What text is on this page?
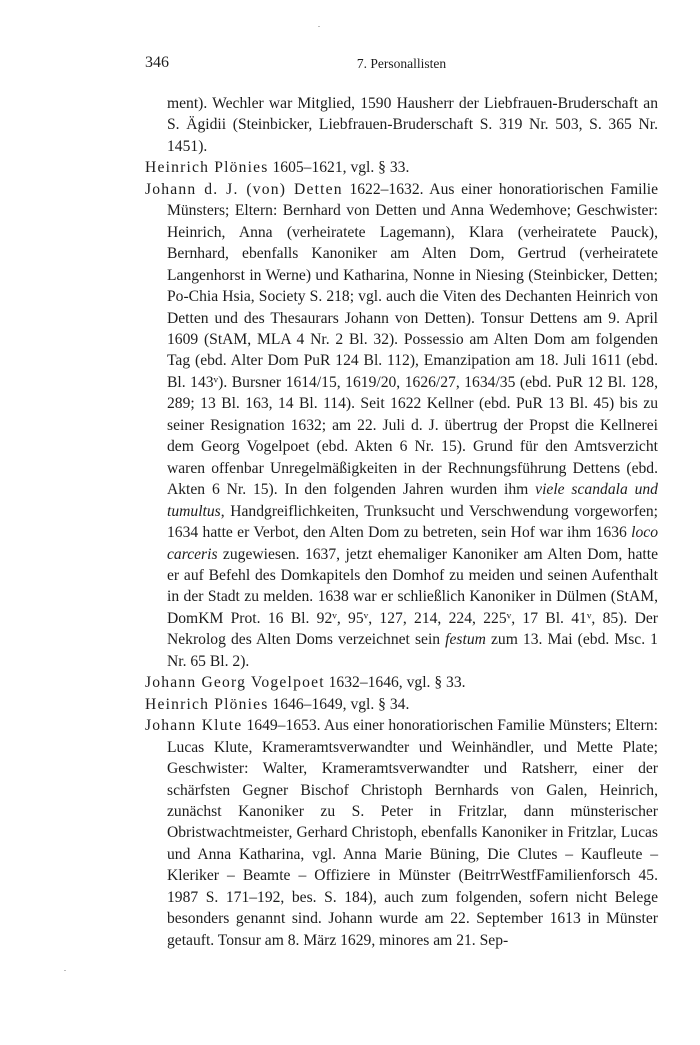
346	7. Personallisten

ment). Wechler war Mitglied, 1590 Hausherr der Liebfrauen-Bruderschaft an S. Ägidii (Steinbicker, Liebfrauen-Bruderschaft S. 319 Nr. 503, S. 365 Nr. 1451).

Heinrich Plönies 1605–1621, vgl. § 33.

Johann d. J. (von) Detten 1622–1632. Aus einer honoratiorischen Familie Münsters; Eltern: Bernhard von Detten und Anna Wedemhove; Geschwister: Heinrich, Anna (verheiratete Lagemann), Klara (verheiratete Pauck), Bernhard, ebenfalls Kanoniker am Alten Dom, Gertrud (verheiratete Langenhorst in Werne) und Katharina, Nonne in Niesing (Steinbicker, Detten; Po-Chia Hsia, Society S. 218; vgl. auch die Viten des Dechanten Heinrich von Detten und des Thesaurars Johann von Detten). Tonsur Dettens am 9. April 1609 (StAM, MLA 4 Nr. 2 Bl. 32). Possessio am Alten Dom am folgenden Tag (ebd. Alter Dom PuR 124 Bl. 112), Emanzipation am 18. Juli 1611 (ebd. Bl. 143ᵛ). Bursner 1614/15, 1619/20, 1626/27, 1634/35 (ebd. PuR 12 Bl. 128, 289; 13 Bl. 163, 14 Bl. 114). Seit 1622 Kellner (ebd. PuR 13 Bl. 45) bis zu seiner Resignation 1632; am 22. Juli d. J. übertrug der Propst die Kellnerei dem Georg Vogelpoet (ebd. Akten 6 Nr. 15). Grund für den Amtsverzicht waren offenbar Unregelmäßigkeiten in der Rechnungsführung Dettens (ebd. Akten 6 Nr. 15). In den folgenden Jahren wurden ihm viele scandala und tumultus, Handgreiflichkeiten, Trunksucht und Verschwendung vorgeworfen; 1634 hatte er Verbot, den Alten Dom zu betreten, sein Hof war ihm 1636 loco carceris zugewiesen. 1637, jetzt ehemaliger Kanoniker am Alten Dom, hatte er auf Befehl des Domkapitels den Domhof zu meiden und seinen Aufenthalt in der Stadt zu melden. 1638 war er schließlich Kanoniker in Dülmen (StAM, DomKM Prot. 16 Bl. 92ᵛ, 95ᵛ, 127, 214, 224, 225ᵛ, 17 Bl. 41ᵛ, 85). Der Nekrolog des Alten Doms verzeichnet sein festum zum 13. Mai (ebd. Msc. 1 Nr. 65 Bl. 2).

Johann Georg Vogelpoet 1632–1646, vgl. § 33.

Heinrich Plönies 1646–1649, vgl. § 34.

Johann Klute 1649–1653. Aus einer honoratiorischen Familie Münsters; Eltern: Lucas Klute, Krameramtsverwandter und Weinhändler, und Mette Plate; Geschwister: Walter, Krameramtsverwandter und Ratsherr, einer der schärfsten Gegner Bischof Christoph Bernhards von Galen, Heinrich, zunächst Kanoniker zu S. Peter in Fritzlar, dann münsterischer Obristwachtmeister, Gerhard Christoph, ebenfalls Kanoniker in Fritzlar, Lucas und Anna Katharina, vgl. Anna Marie Büning, Die Clutes – Kaufleute – Kleriker – Beamte – Offiziere in Münster (BeitrrWestfFamilienforsch 45. 1987 S. 171–192, bes. S. 184), auch zum folgenden, sofern nicht Belege besonders genannt sind. Johann wurde am 22. September 1613 in Münster getauft. Tonsur am 8. März 1629, minores am 21. Sep-
